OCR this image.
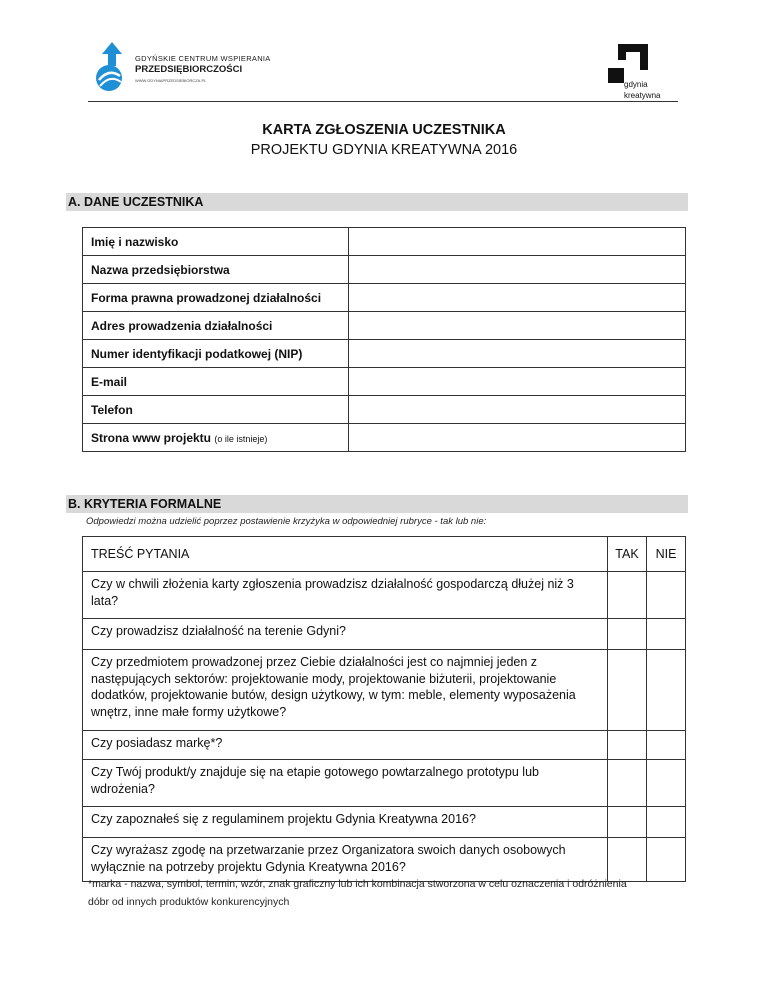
GDYŃSKIE CENTRUM WSPIERANIA
PRZEDSIĘBIORCZOŚCI
WWW.GDYNIAPRZEDSIEBIORCZA.PL	gdynia
kreatywna
KARTA ZGŁOSZENIA UCZESTNIKA
PROJEKTU GDYNIA KREATYWNA 2016
A. DANE UCZESTNIKA
Imię i nazwisko	
Nazwa przedsiębiorstwa	
Forma prawna prowadzonej działalności	
Adres prowadzenia działalności	
Numer identyfikacji podatkowej (NIP)	
E-mail	
Telefon	
Strona www projektu (o ile istnieje)	
B. KRYTERIA FORMALNE
Odpowiedzi można udzielić poprzez postawienie krzyżyka w odpowiedniej rubryce - tak lub nie:
TREŚĆ PYTANIA	TAK	NIE
Czy w chwili złożenia karty zgłoszenia prowadzisz działalność gospodarczą dłużej niż 3 lata?		
Czy prowadzisz działalność na terenie Gdyni?		
Czy przedmiotem prowadzonej przez Ciebie działalności jest co najmniej jeden z następujących sektorów: projektowanie mody, projektowanie biżuterii, projektowanie dodatków, projektowanie butów, design użytkowy, w tym: meble, elementy wyposażenia wnętrz, inne małe formy użytkowe?		
Czy posiadasz markę*?		
Czy Twój produkt/y znajduje się na etapie gotowego powtarzalnego prototypu lub wdrożenia?		
Czy zapoznałeś się z regulaminem projektu Gdynia Kreatywna 2016?		
Czy wyrażasz zgodę na przetwarzanie przez Organizatora swoich danych osobowych wyłącznie na potrzeby projektu Gdynia Kreatywna 2016?		
*marka - nazwa, symbol, termin, wzór, znak graficzny lub ich kombinacja stworzona w celu oznaczenia i odróżnienia dóbr od innych produktów konkurencyjnych
